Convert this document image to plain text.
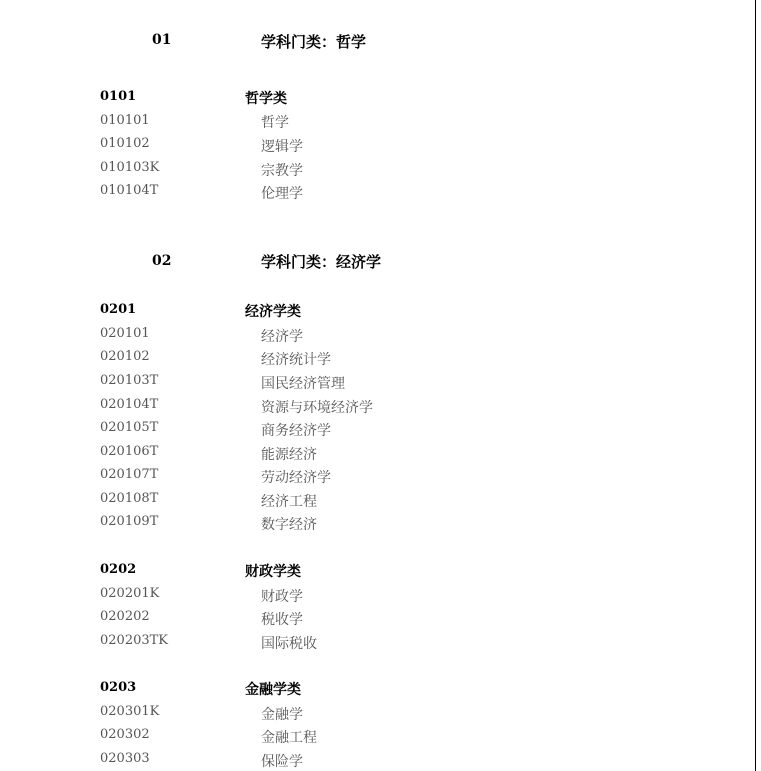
01	学科门类：哲学
0101	哲学类
010101	哲学
010102	逻辑学
010103K	宗教学
010104T	伦理学
02	学科门类：经济学
0201	经济学类
020101	经济学
020102	经济统计学
020103T	国民经济管理
020104T	资源与环境经济学
020105T	商务经济学
020106T	能源经济
020107T	劳动经济学
020108T	经济工程
020109T	数字经济
0202	财政学类
020201K	财政学
020202	税收学
020203TK	国际税收
0203	金融学类
020301K	金融学
020302	金融工程
020303	保险学
